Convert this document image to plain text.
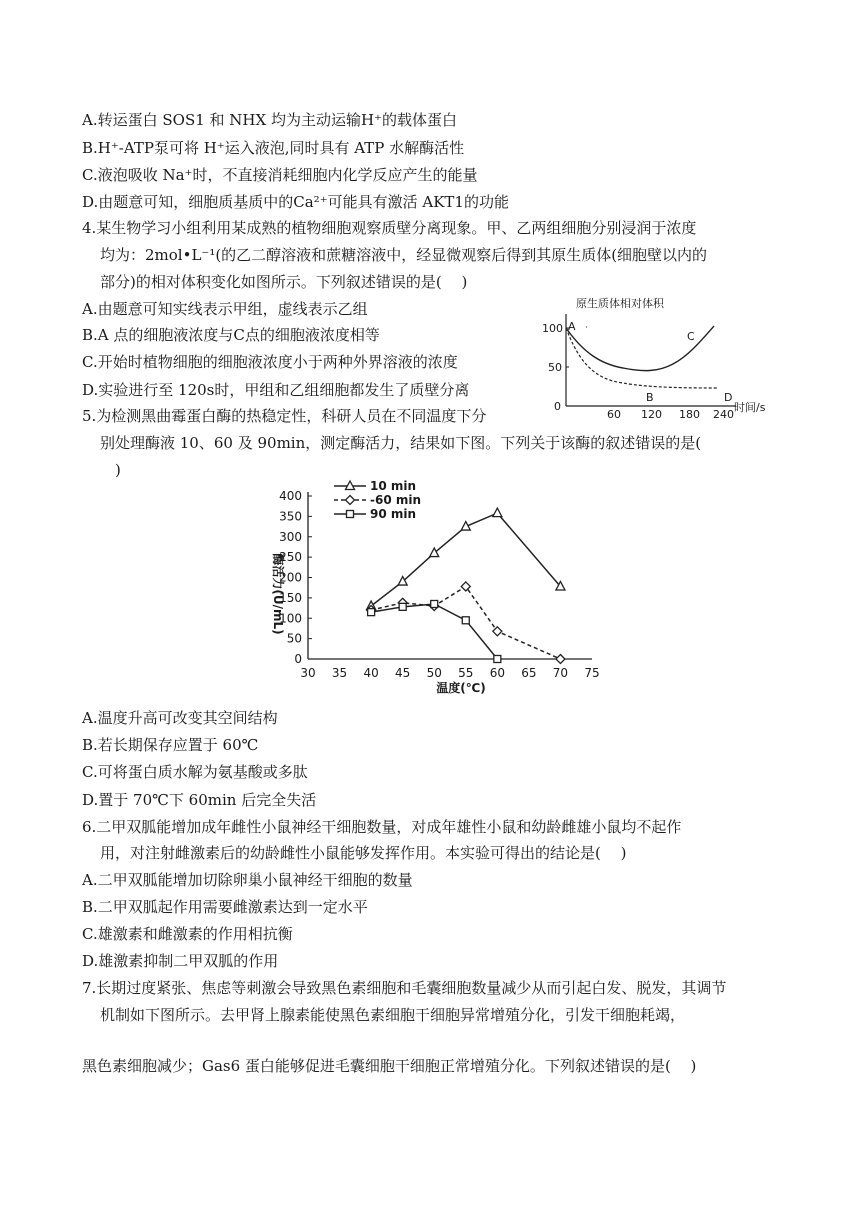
A.转运蛋白 SOS1 和 NHX 均为主动运输H⁺的载体蛋白
B.H⁺-ATP泵可将 H⁺运入液泡,同时具有 ATP 水解酶活性
C.液泡吸收 Na⁺时，不直接消耗细胞内化学反应产生的能量
D.由题意可知，细胞质基质中的Ca²⁺可能具有激活 AKT1的功能
4.某生物学习小组利用某成熟的植物细胞观察质壁分离现象。甲、乙两组细胞分别浸润于浓度
均为：2mol•L⁻¹(的乙二醇溶液和蔗糖溶液中，经显微观察后得到其原生质体(细胞壁以内的
部分)的相对体积变化如图所示。下列叙述错误的是(　 )
A.由题意可知实线表示甲组，虚线表示乙组
B.A 点的细胞液浓度与C点的细胞液浓度相等
C.开始时植物细胞的细胞液浓度小于两种外界溶液的浓度
D.实验进行至 120s时，甲组和乙组细胞都发生了质壁分离
原生质体相对体积
100
50
0
60 120 180 240
时间/s
A ·
B
C
D
5.为检测黑曲霉蛋白酶的热稳定性，科研人员在不同温度下分
别处理酶液 10、60 及 90min，测定酶活力，结果如下图。下列关于该酶的叙述错误的是(
)
酶活力(U/mL)
温度(℃)
0
50
100
150
200
250
300
350
400
30 35 40 45 50 55 60 65 70 75
10 min
-60 min
90 min
A.温度升高可改变其空间结构
B.若长期保存应置于 60℃
C.可将蛋白质水解为氨基酸或多肽
D.置于 70℃下 60min 后完全失活
6.二甲双胍能增加成年雌性小鼠神经干细胞数量，对成年雄性小鼠和幼龄雌雄小鼠均不起作
用，对注射雌激素后的幼龄雌性小鼠能够发挥作用。本实验可得出的结论是(　 )
A.二甲双胍能增加切除卵巢小鼠神经干细胞的数量
B.二甲双胍起作用需要雌激素达到一定水平
C.雄激素和雌激素的作用相抗衡
D.雄激素抑制二甲双胍的作用
7.长期过度紧张、焦虑等刺激会导致黑色素细胞和毛囊细胞数量减少从而引起白发、脱发，其调节
机制如下图所示。去甲肾上腺素能使黑色素细胞干细胞异常增殖分化，引发干细胞耗竭，
黑色素细胞减少；Gas6 蛋白能够促进毛囊细胞干细胞正常增殖分化。下列叙述错误的是(　 )
